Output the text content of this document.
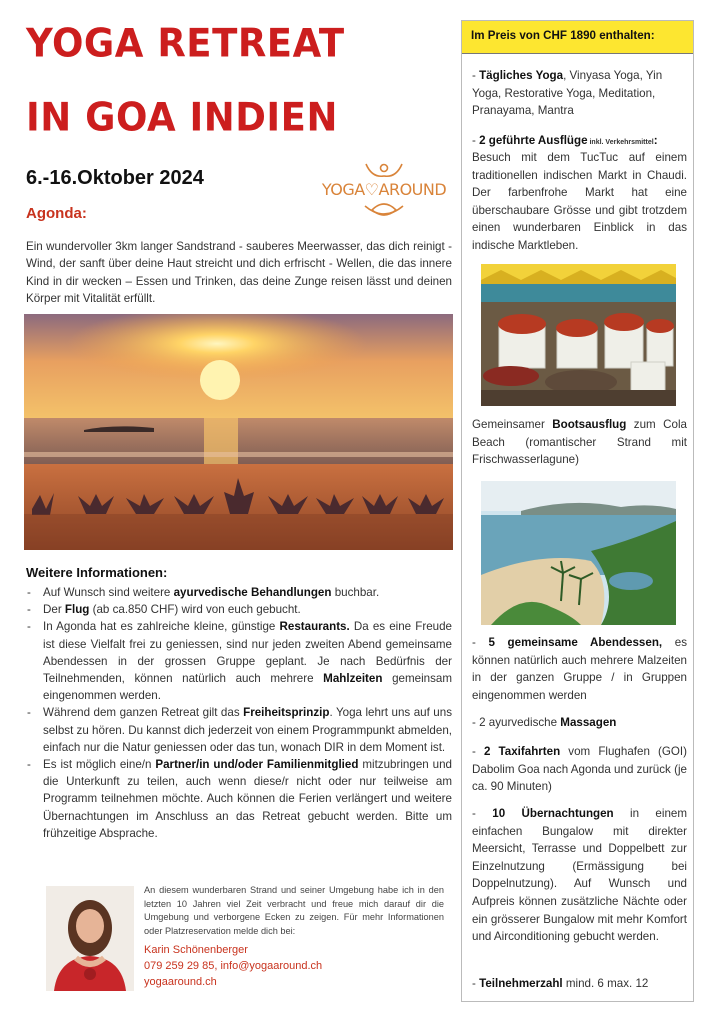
YOGA RETREAT
IN GOA INDIEN
6.-16.Oktober 2024
Agonda:
YOGA♡AROUND

Ein wundervoller 3km langer Sandstrand - sauberes Meerwasser, das dich reinigt - Wind, der sanft über deine Haut streicht und dich erfrischt - Wellen, die das innere Kind in dir wecken – Essen und Trinken, das deine Zunge reisen lässt und deinen Körper mit Vitalität erfüllt.

Weitere Informationen:
- Auf Wunsch sind weitere ayurvedische Behandlungen buchbar.
- Der Flug (ab ca.850 CHF) wird von euch gebucht.
- In Agonda hat es zahlreiche kleine, günstige Restaurants. Da es eine Freude ist diese Vielfalt frei zu geniessen, sind nur jeden zweiten Abend gemeinsame Abendessen in der grossen Gruppe geplant. Je nach Bedürfnis der Teilnehmenden, können natürlich auch mehrere Mahlzeiten gemeinsam eingenommen werden.
- Während dem ganzen Retreat gilt das Freiheitsprinzip. Yoga lehrt uns auf uns selbst zu hören. Du kannst dich jederzeit von einem Programmpunkt abmelden, einfach nur die Natur geniessen oder das tun, wonach DIR in dem Moment ist.
- Es ist möglich eine/n Partner/in und/oder Familienmitglied mitzubringen und die Unterkunft zu teilen, auch wenn diese/r nicht oder nur teilweise am Programm teilnehmen möchte. Auch können die Ferien verlängert und weitere Übernachtungen im Anschluss an das Retreat gebucht werden. Bitte um frühzeitige Absprache.

An diesem wunderbaren Strand und seiner Umgebung habe ich in den letzten 10 Jahren viel Zeit verbracht und freue mich darauf dir die Umgebung und verborgene Ecken zu zeigen. Für mehr Informationen oder Platzreservation melde dich bei:

Karin Schönenberger
079 259 29 85, info@yogaaround.ch
yogaaround.ch
Im Preis von CHF 1890 enthalten:

- Tägliches Yoga, Vinyasa Yoga, Yin Yoga, Restorative Yoga, Meditation, Pranayama, Mantra

- 2 geführte Ausflüge inkl. Verkehrsmittel:

Besuch mit dem TucTuc auf einem traditionellen indischen Markt in Chaudi. Der farbenfrohe Markt hat eine überschaubare Grösse und gibt trotzdem einen wunderbaren Einblick in das indische Marktleben.

Gemeinsamer Bootsausflug zum Cola Beach (romantischer Strand mit Frischwasserlagune)

- 5 gemeinsame Abendessen, es können natürlich auch mehrere Malzeiten in der ganzen Gruppe / in Gruppen eingenommen werden

- 2 ayurvedische Massagen

- 2 Taxifahrten vom Flughafen (GOI) Dabolim Goa nach Agonda und zurück (je ca. 90 Minuten)

- 10 Übernachtungen in einem einfachen Bungalow mit direkter Meersicht, Terrasse und Doppelbett zur Einzelnutzung (Ermässigung bei Doppelnutzung). Auf Wunsch und Aufpreis können zusätzliche Nächte oder ein grösserer Bungalow mit mehr Komfort und Airconditioning gebucht werden.

- Teilnehmerzahl mind. 6 max. 12
